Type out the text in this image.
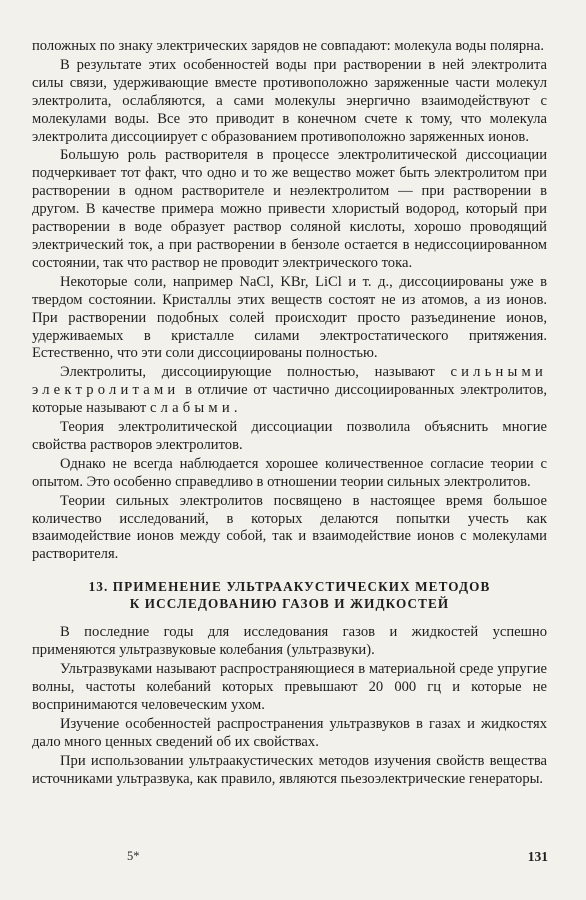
положных по знаку электрических зарядов не совпадают: молекула воды полярна.

В результате этих особенностей воды при растворении в ней электролита силы связи, удерживающие вместе противоположно заряженные части молекул электролита, ослабляются, а сами молекулы энергично взаимодействуют с молекулами воды. Все это приводит в конечном счете к тому, что молекула электролита диссоциирует с образованием противоположно заряженных ионов.

Большую роль растворителя в процессе электролитической диссоциации подчеркивает тот факт, что одно и то же вещество может быть электролитом при растворении в одном растворителе и неэлектролитом — при растворении в другом. В качестве примера можно привести хлористый водород, который при растворении в воде образует раствор соляной кислоты, хорошо проводящий электрический ток, а при растворении в бензоле остается в недиссоциированном состоянии, так что раствор не проводит электрического тока.

Некоторые соли, например NaCl, KBr, LiCl и т. д., диссоциированы уже в твердом состоянии. Кристаллы этих веществ состоят не из атомов, а из ионов. При растворении подобных солей происходит просто разъединение ионов, удерживаемых в кристалле силами электростатического притяжения. Естественно, что эти соли диссоциированы полностью.

Электролиты, диссоциирующие полностью, называют сильными электролитами в отличие от частично диссоциированных электролитов, которые называют слабыми.

Теория электролитической диссоциации позволила объяснить многие свойства растворов электролитов.

Однако не всегда наблюдается хорошее количественное согласие теории с опытом. Это особенно справедливо в отношении теории сильных электролитов.

Теории сильных электролитов посвящено в настоящее время большое количество исследований, в которых делаются попытки учесть как взаимодействие ионов между собой, так и взаимодействие ионов с молекулами растворителя.

13. ПРИМЕНЕНИЕ УЛЬТРААКУСТИЧЕСКИХ МЕТОДОВ
К ИССЛЕДОВАНИЮ ГАЗОВ И ЖИДКОСТЕЙ

В последние годы для исследования газов и жидкостей успешно применяются ультразвуковые колебания (ультразвуки).

Ультразвуками называют распространяющиеся в материальной среде упругие волны, частоты колебаний которых превышают 20 000 гц и которые не воспринимаются человеческим ухом.

Изучение особенностей распространения ультразвуков в газах и жидкостях дало много ценных сведений об их свойствах.

При использовании ультраакустических методов изучения свойств вещества источниками ультразвука, как правило, являются пьезоэлектрические генераторы.

5*	131
